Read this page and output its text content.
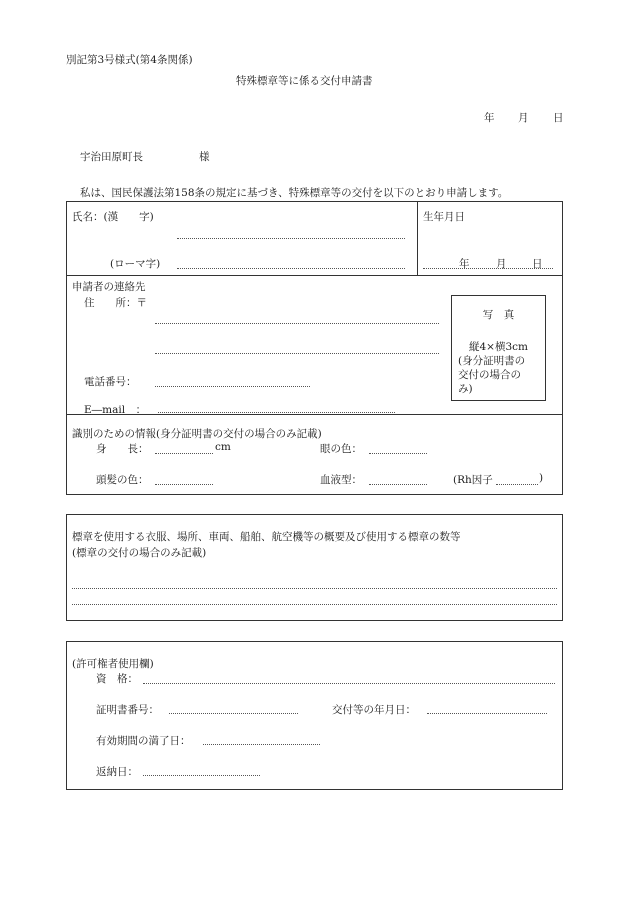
別記第3号様式(第4条関係)
特殊標章等に係る交付申請書
年 月 日
宇治田原町長	様
私は、国民保護法第158条の規定に基づき、特殊標章等の交付を以下のとおり申請します。
氏名：(漢　　字)
(ローマ字)
生年月日
年	月 日
申請者の連絡先
住　　所：〒
電話番号：
E―mail　：
写　真
縦4×横3cm
(身分証明書の
交付の場合の
み)
識別のための情報(身分証明書の交付の場合のみ記載)
身　　長：	cm	眼の色：
頭髪の色：	血液型：	(Rh因子	)
標章を使用する衣服、場所、車両、船舶、航空機等の概要及び使用する標章の数等
(標章の交付の場合のみ記載)
(許可権者使用欄)
資　格：
証明書番号：	交付等の年月日：
有効期間の満了日：
返納日：
